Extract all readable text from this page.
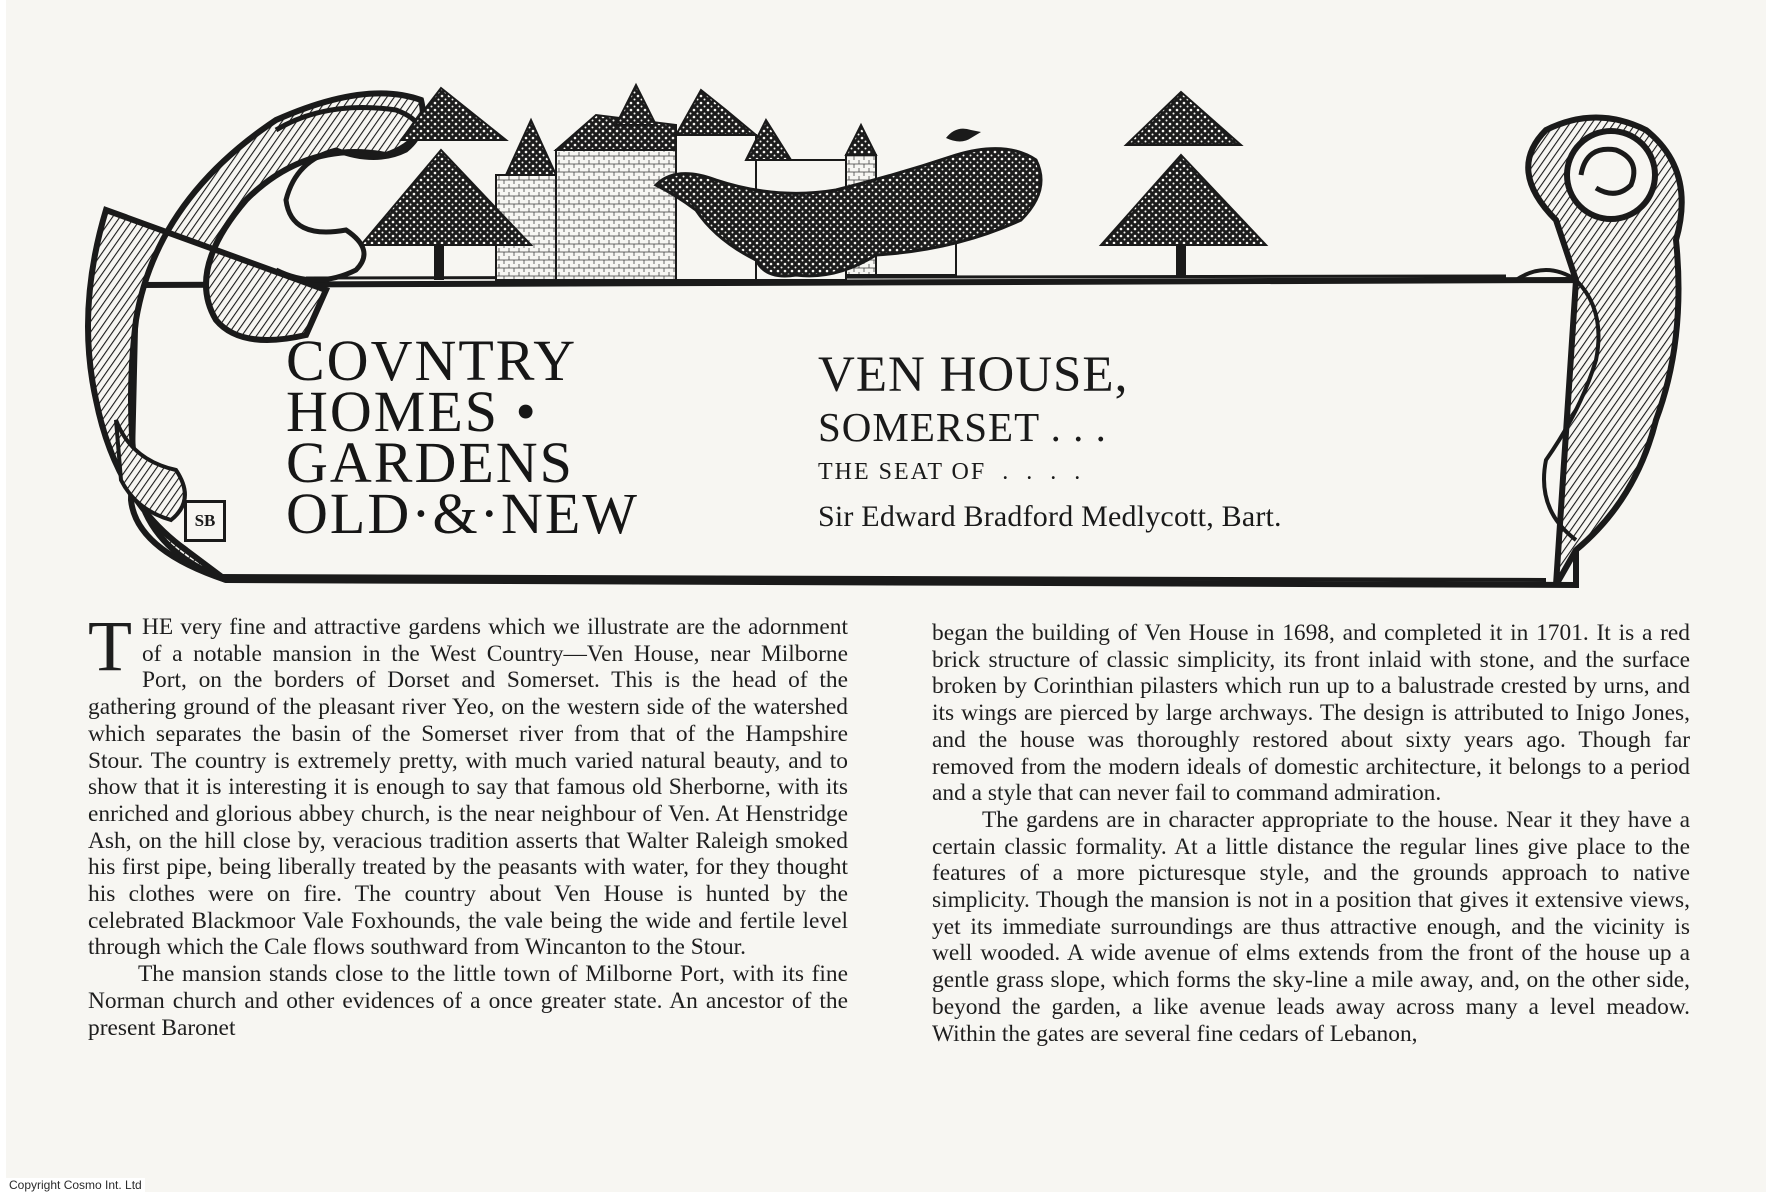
COVNTRY
HOMES •
GARDENS
OLD·&·NEW
SB
VEN HOUSE,
SOMERSET . . .
THE SEAT OF  .  .  .  .
Sir Edward Bradford Medlycott, Bart.

THE very fine and attractive gardens which we illustrate are the adornment of a notable mansion in the West Country—Ven House, near Milborne Port, on the borders of Dorset and Somerset. This is the head of the gathering ground of the pleasant river Yeo, on the western side of the watershed which separates the basin of the Somerset river from that of the Hampshire Stour. The country is extremely pretty, with much varied natural beauty, and to show that it is interesting it is enough to say that famous old Sherborne, with its enriched and glorious abbey church, is the near neighbour of Ven. At Henstridge Ash, on the hill close by, veracious tradition asserts that Walter Raleigh smoked his first pipe, being liberally treated by the peasants with water, for they thought his clothes were on fire. The country about Ven House is hunted by the celebrated Blackmoor Vale Foxhounds, the vale being the wide and fertile level through which the Cale flows southward from Wincanton to the Stour.

The mansion stands close to the little town of Milborne Port, with its fine Norman church and other evidences of a once greater state. An ancestor of the present Baronet

began the building of Ven House in 1698, and completed it in 1701. It is a red brick structure of classic simplicity, its front inlaid with stone, and the surface broken by Corinthian pilasters which run up to a balustrade crested by urns, and its wings are pierced by large archways. The design is attributed to Inigo Jones, and the house was thoroughly restored about sixty years ago. Though far removed from the modern ideals of domestic architecture, it belongs to a period and a style that can never fail to command admiration.

The gardens are in character appropriate to the house. Near it they have a certain classic formality. At a little distance the regular lines give place to the features of a more picturesque style, and the grounds approach to native simplicity. Though the mansion is not in a position that gives it extensive views, yet its immediate surroundings are thus attractive enough, and the vicinity is well wooded. A wide avenue of elms extends from the front of the house up a gentle grass slope, which forms the sky-line a mile away, and, on the other side, beyond the garden, a like avenue leads away across many a level meadow. Within the gates are several fine cedars of Lebanon,

Copyright Cosmo Int. Ltd
